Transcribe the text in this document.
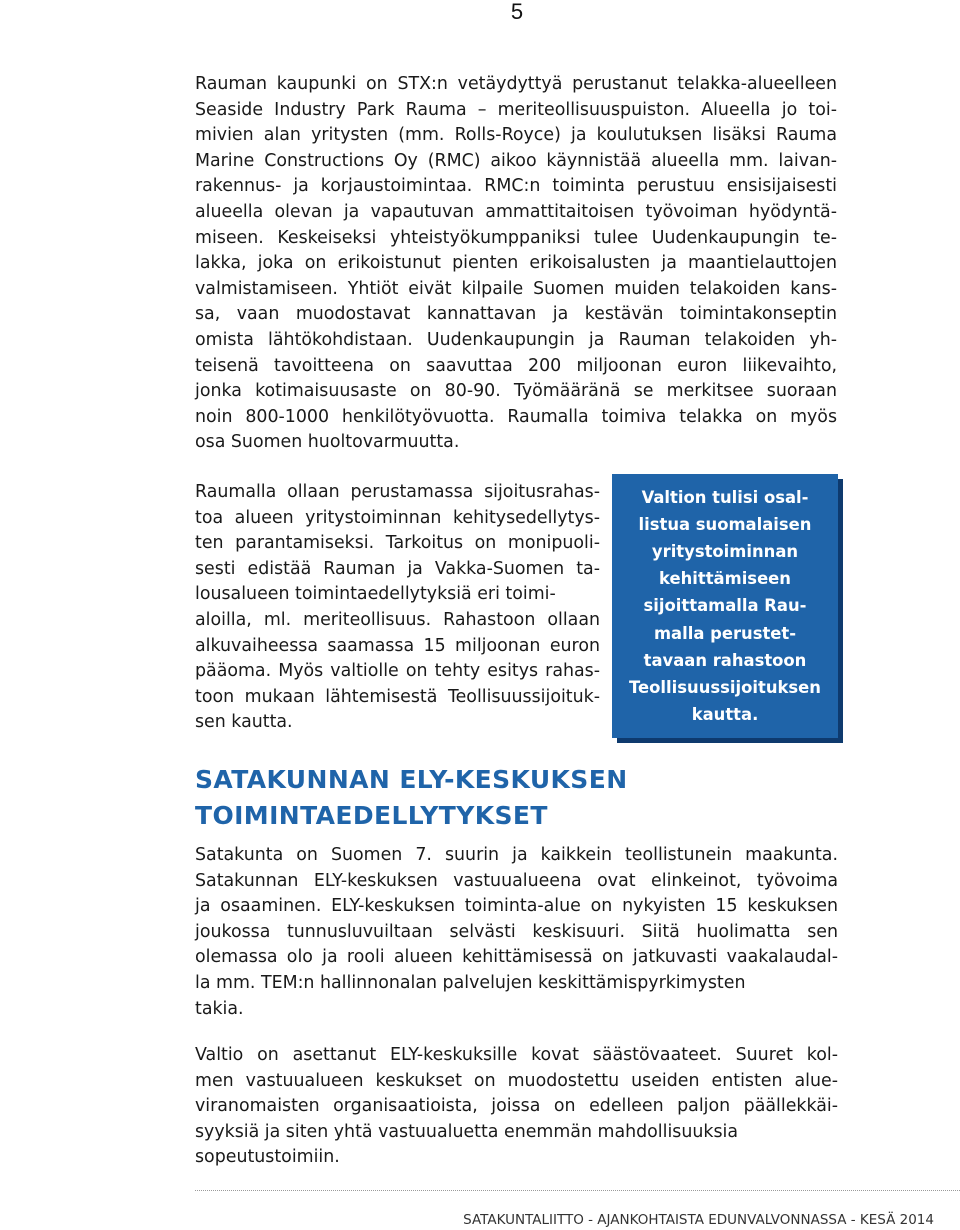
5
Rauman kaupunki on STX:n vetäydyttyä perustanut telakka-alueelleen
Seaside Industry Park Rauma – meriteollisuuspuiston. Alueella jo toi-
mivien alan yritysten (mm. Rolls-Royce) ja koulutuksen lisäksi Rauma
Marine Constructions Oy (RMC) aikoo käynnistää alueella mm. laivan-
rakennus- ja korjaustoimintaa. RMC:n toiminta perustuu ensisijaisesti
alueella olevan ja vapautuvan ammattitaitoisen työvoiman hyödyntä-
miseen. Keskeiseksi yhteistyökumppaniksi tulee Uudenkaupungin te-
lakka, joka on erikoistunut pienten erikoisalusten ja maantielauttojen
valmistamiseen. Yhtiöt eivät kilpaile Suomen muiden telakoiden kans-
sa, vaan muodostavat kannattavan ja kestävän toimintakonseptin
omista lähtökohdistaan. Uudenkaupungin ja Rauman telakoiden yh-
teisenä tavoitteena on saavuttaa 200 miljoonan euron liikevaihto,
jonka kotimaisuusaste on 80-90. Työmääränä se merkitsee suoraan
noin 800-1000 henkilötyövuotta. Raumalla toimiva telakka on myös
osa Suomen huoltovarmuutta.
Raumalla ollaan perustamassa sijoitusrahas-
toa alueen yritystoiminnan kehitysedellytys-
ten parantamiseksi. Tarkoitus on monipuoli-
sesti edistää Rauman ja Vakka-Suomen ta-
lousalueen toimintaedellytyksiä eri toimi-
aloilla, ml. meriteollisuus. Rahastoon ollaan
alkuvaiheessa saamassa 15 miljoonan euron
pääoma. Myös valtiolle on tehty esitys rahas-
toon mukaan lähtemisestä Teollisuussijoituk-
sen kautta.
Valtion tulisi osal-
listua suomalaisen
yritystoiminnan
kehittämiseen
sijoittamalla Rau-
malla perustet-
tavaan rahastoon
Teollisuussijoituksen
kautta.
SATAKUNNAN ELY-KESKUKSEN
TOIMINTAEDELLYTYKSET
Satakunta on Suomen 7. suurin ja kaikkein teollistunein maakunta.
Satakunnan ELY-keskuksen vastuualueena ovat elinkeinot, työvoima
ja osaaminen. ELY-keskuksen toiminta-alue on nykyisten 15 keskuksen
joukossa tunnusluvuiltaan selvästi keskisuuri. Siitä huolimatta sen
olemassa olo ja rooli alueen kehittämisessä on jatkuvasti vaakalaudal-
la mm. TEM:n hallinnonalan palvelujen keskittämispyrkimysten
takia.
Valtio on asettanut ELY-keskuksille kovat säästövaateet. Suuret kol-
men vastuualueen keskukset on muodostettu useiden entisten alue-
viranomaisten organisaatioista, joissa on edelleen paljon päällekkäi-
syyksiä ja siten yhtä vastuualuetta enemmän mahdollisuuksia
sopeutustoimiin.
SATAKUNTALIITTO - AJANKOHTAISTA EDUNVALVONNASSA - KESÄ 2014
